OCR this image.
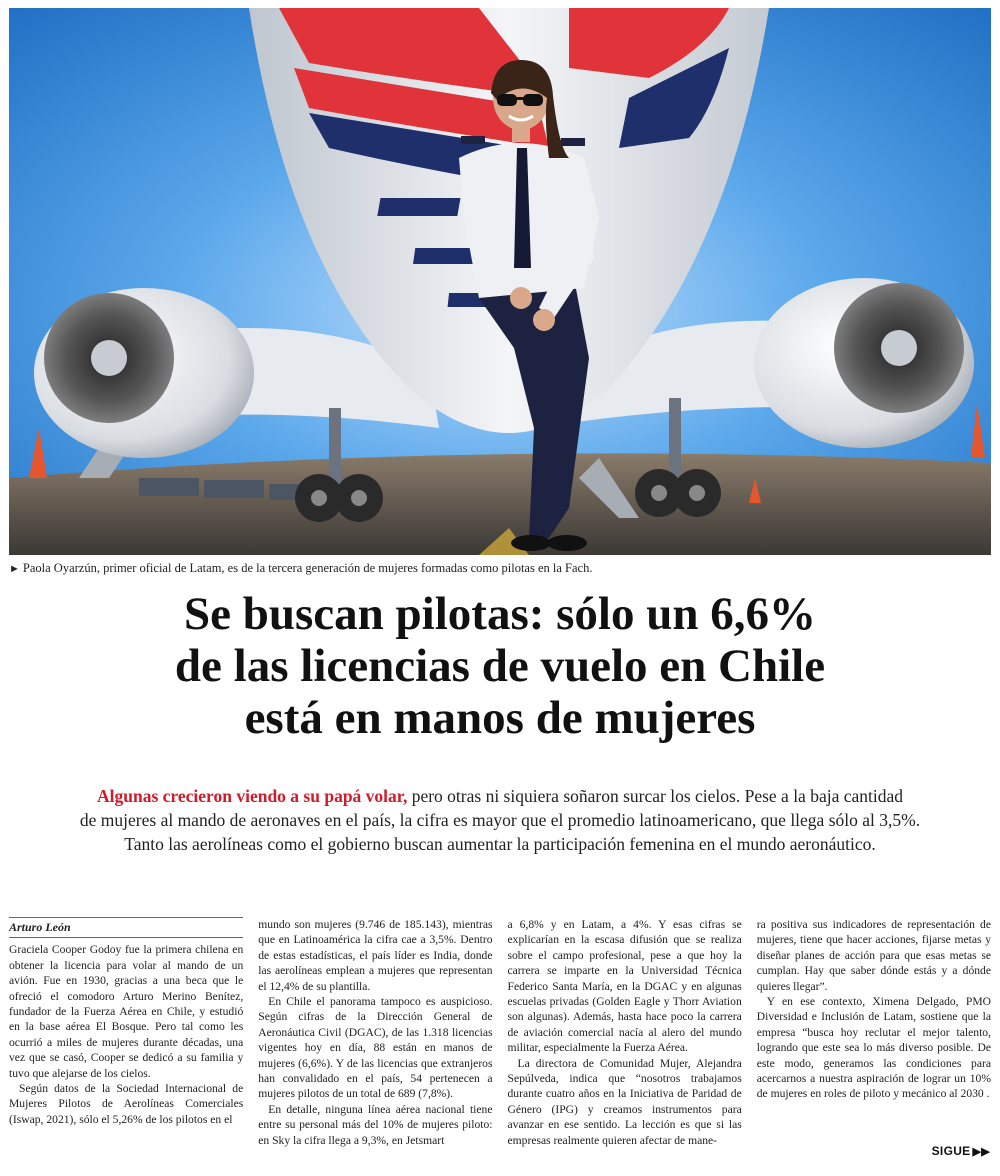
► Paola Oyarzún, primer oficial de Latam, es de la tercera generación de mujeres formadas como pilotas en la Fach.
Se buscan pilotas: sólo un 6,6%
de las licencias de vuelo en Chile
está en manos de mujeres

Algunas crecieron viendo a su papá volar, pero otras ni siquiera soñaron surcar los cielos. Pese a la baja cantidad
de mujeres al mando de aeronaves en el país, la cifra es mayor que el promedio latinoamericano, que llega sólo al 3,5%.
Tanto las aerolíneas como el gobierno buscan aumentar la participación femenina en el mundo aeronáutico.

Arturo León

Graciela Cooper Godoy fue la primera chilena en obtener la licencia para volar al mando de un avión. Fue en 1930, gracias a una beca que le ofreció el comodoro Arturo Merino Benítez, fundador de la Fuerza Aérea en Chile, y estudió en la base aérea El Bosque. Pero tal como les ocurrió a miles de mujeres durante décadas, una vez que se casó, Cooper se dedicó a su familia y tuvo que alejarse de los cielos.

Según datos de la Sociedad Internacional de Mujeres Pilotos de Aerolíneas Comerciales (Iswap, 2021), sólo el 5,26% de los pilotos en el

mundo son mujeres (9.746 de 185.143), mientras que en Latinoamérica la cifra cae a 3,5%. Dentro de estas estadísticas, el país líder es India, donde las aerolíneas emplean a mujeres que representan el 12,4% de su plantilla.

En Chile el panorama tampoco es auspicioso. Según cifras de la Dirección General de Aeronáutica Civil (DGAC), de las 1.318 licencias vigentes hoy en día, 88 están en manos de mujeres (6,6%). Y de las licencias que extranjeros han convalidado en el país, 54 pertenecen a mujeres pilotos de un total de 689 (7,8%).

En detalle, ninguna línea aérea nacional tiene entre su personal más del 10% de mujeres piloto: en Sky la cifra llega a 9,3%, en Jetsmart

a 6,8% y en Latam, a 4%. Y esas cifras se explicarían en la escasa difusión que se realiza sobre el campo profesional, pese a que hoy la carrera se imparte en la Universidad Técnica Federico Santa María, en la DGAC y en algunas escuelas privadas (Golden Eagle y Thorr Aviation son algunas). Además, hasta hace poco la carrera de aviación comercial nacía al alero del mundo militar, especialmente la Fuerza Aérea.

La directora de Comunidad Mujer, Alejandra Sepúlveda, indica que “nosotros trabajamos durante cuatro años en la Iniciativa de Paridad de Género (IPG) y creamos instrumentos para avanzar en ese sentido. La lección es que si las empresas realmente quieren afectar de mane-

ra positiva sus indicadores de representación de mujeres, tiene que hacer acciones, fijarse metas y diseñar planes de acción para que esas metas se cumplan. Hay que saber dónde estás y a dónde quieres llegar”.

Y en ese contexto, Ximena Delgado, PMO Diversidad e Inclusión de Latam, sostiene que la empresa “busca hoy reclutar el mejor talento, logrando que este sea lo más diverso posible. De este modo, generamos las condiciones para acercarnos a nuestra aspiración de lograr un 10% de mujeres en roles de piloto y mecánico al 2030 .

SIGUE ▶▶
